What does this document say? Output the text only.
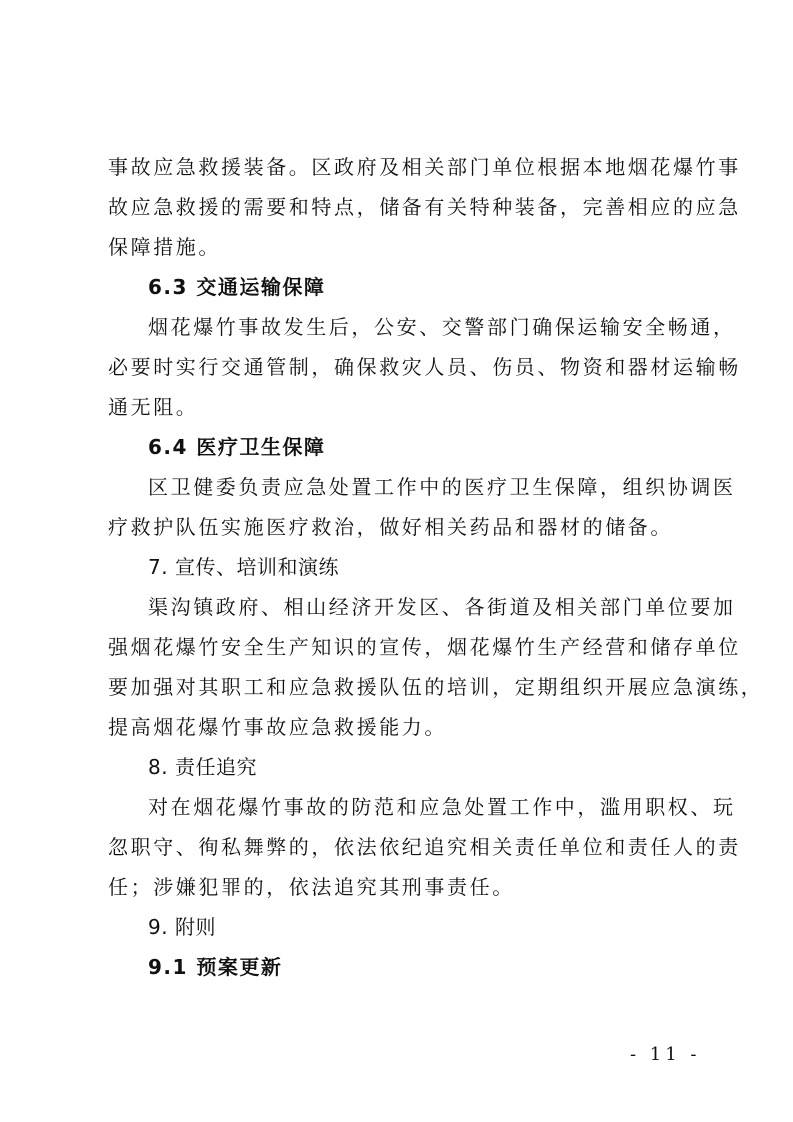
事故应急救援装备。区政府及相关部门单位根据本地烟花爆竹事
故应急救援的需要和特点，储备有关特种装备，完善相应的应急
保障措施。
6.3 交通运输保障
烟花爆竹事故发生后，公安、交警部门确保运输安全畅通，
必要时实行交通管制，确保救灾人员、伤员、物资和器材运输畅
通无阻。
6.4 医疗卫生保障
区卫健委负责应急处置工作中的医疗卫生保障，组织协调医
疗救护队伍实施医疗救治，做好相关药品和器材的储备。
7. 宣传、培训和演练
渠沟镇政府、相山经济开发区、各街道及相关部门单位要加
强烟花爆竹安全生产知识的宣传，烟花爆竹生产经营和储存单位
要加强对其职工和应急救援队伍的培训，定期组织开展应急演练，
提高烟花爆竹事故应急救援能力。
8. 责任追究
对在烟花爆竹事故的防范和应急处置工作中，滥用职权、玩
忽职守、徇私舞弊的，依法依纪追究相关责任单位和责任人的责
任；涉嫌犯罪的，依法追究其刑事责任。
9. 附则
9.1 预案更新
- 11 -
